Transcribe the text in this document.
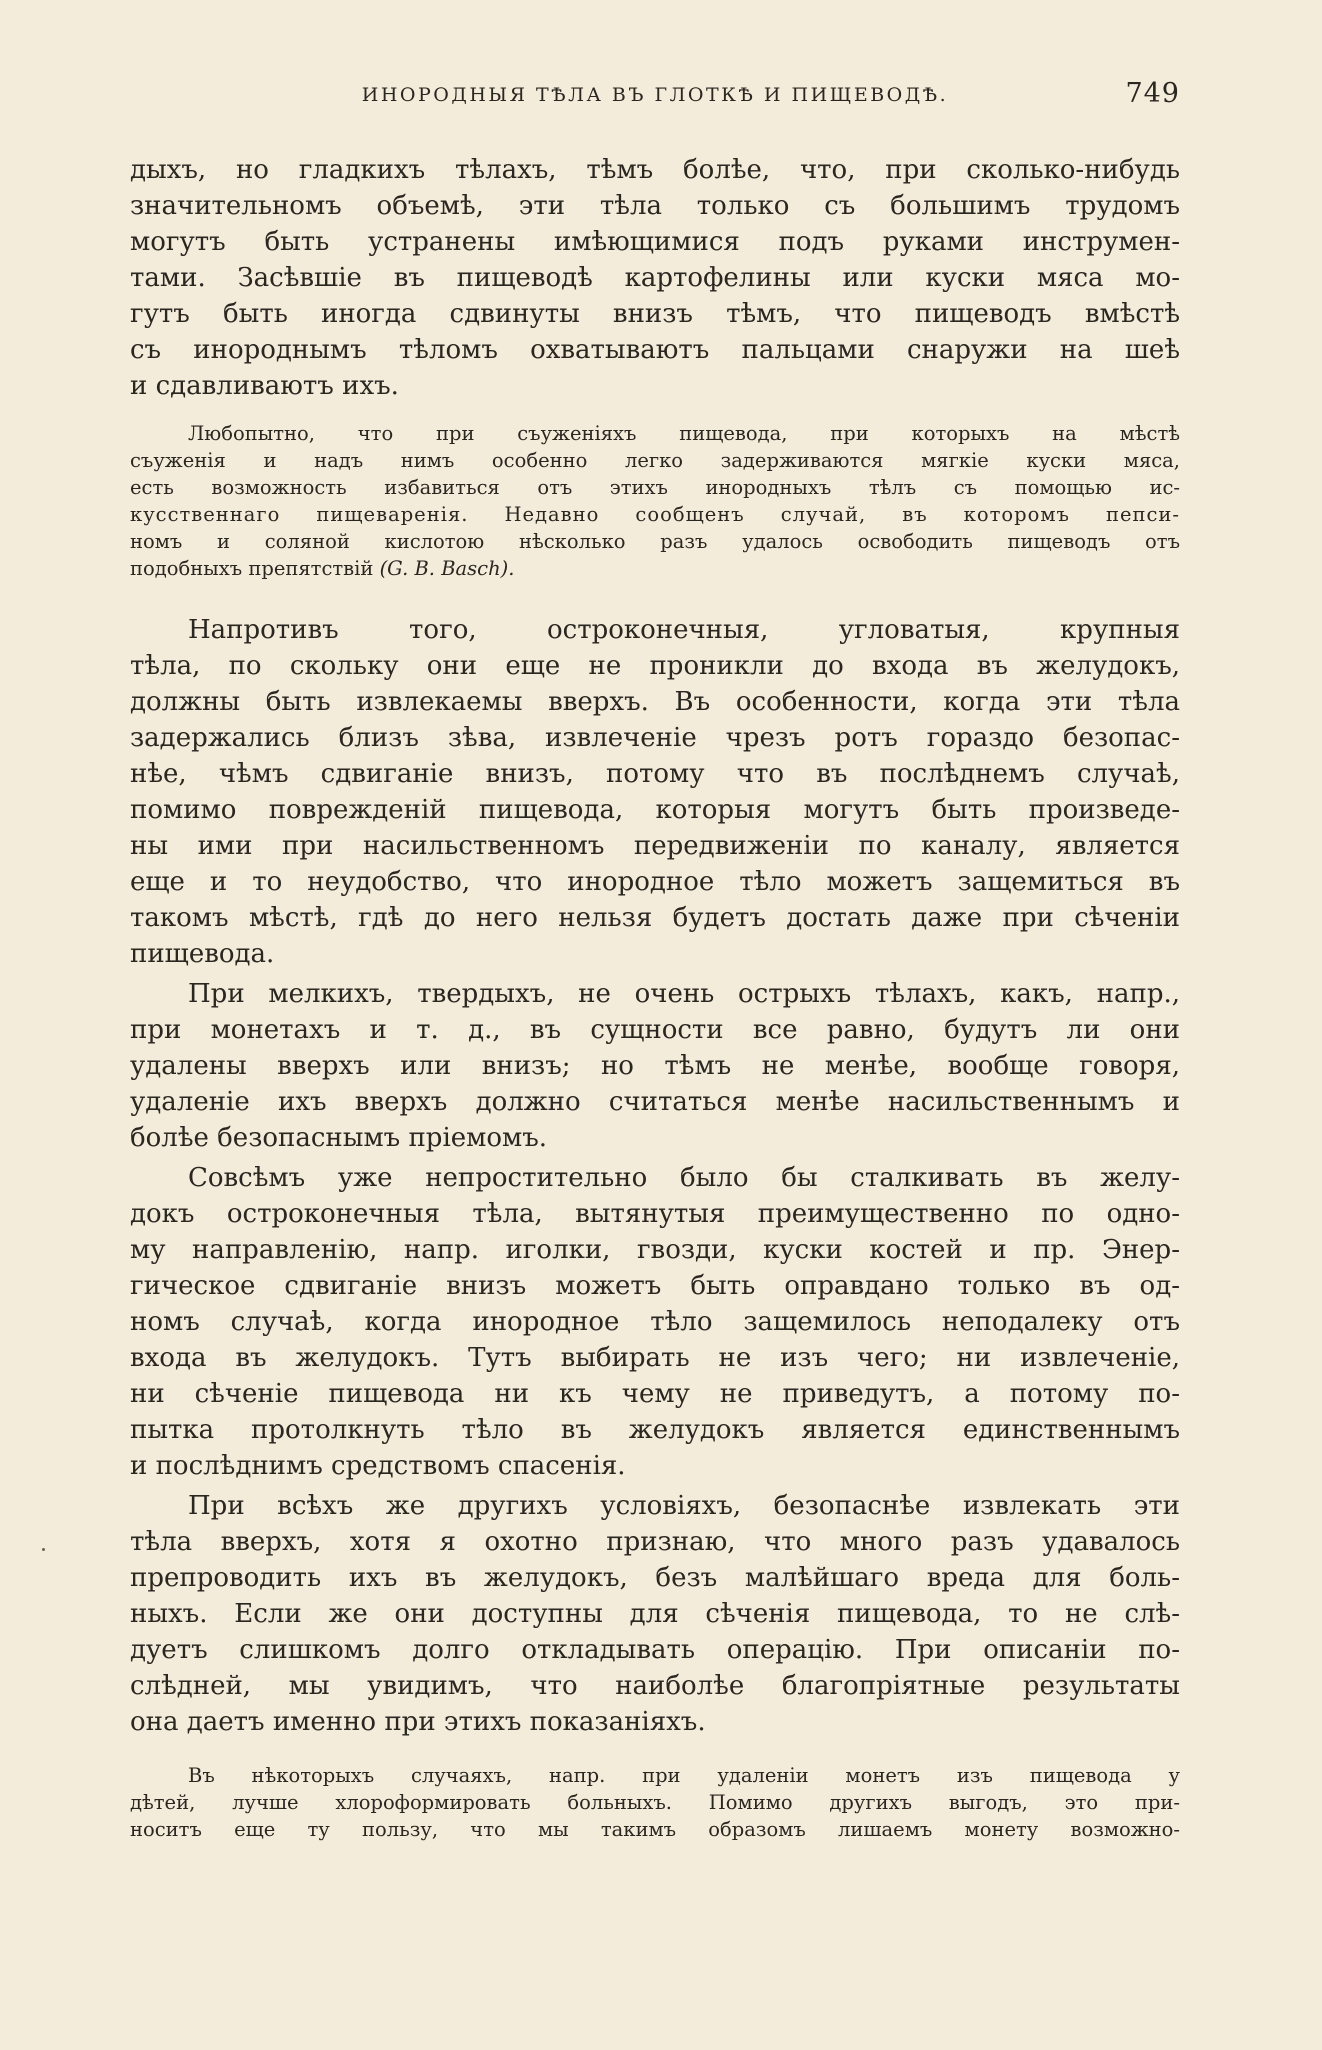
ИНОРОДНЫЯ ТѢЛА ВЪ ГЛОТКѢ И ПИЩЕВОДѢ.	749
дыхъ, но гладкихъ тѣлахъ, тѣмъ болѣе, что, при сколько-нибудь
значительномъ объемѣ, эти тѣла только съ большимъ трудомъ
могутъ быть устранены имѣющимися подъ руками инструмен-
тами. Засѣвшіе въ пищеводѣ картофелины или куски мяса мо-
гутъ быть иногда сдвинуты внизъ тѣмъ, что пищеводъ вмѣстѣ
съ инороднымъ тѣломъ охватываютъ пальцами снаружи на шеѣ
и сдавливаютъ ихъ.
Любопытно, что при съуженіяхъ пищевода, при которыхъ на мѣстѣ
съуженія и надъ нимъ особенно легко задерживаются мягкіе куски мяса,
есть возможность избавиться отъ этихъ инородныхъ тѣлъ съ помощью ис-
кусственнаго пищеваренія. Недавно сообщенъ случай, въ которомъ пепси-
номъ и соляной кислотою нѣсколько разъ удалось освободить пищеводъ отъ
подобныхъ препятствій (G. B. Basch).
Напротивъ того, остроконечныя, угловатыя, крупныя
тѣла, по скольку они еще не проникли до входа въ желудокъ,
должны быть извлекаемы вверхъ. Въ особенности, когда эти тѣла
задержались близъ зѣва, извлеченіе чрезъ ротъ гораздо безопас-
нѣе, чѣмъ сдвиганіе внизъ, потому что въ послѣднемъ случаѣ,
помимо поврежденій пищевода, которыя могутъ быть произведе-
ны ими при насильственномъ передвиженіи по каналу, является
еще и то неудобство, что инородное тѣло можетъ защемиться въ
такомъ мѣстѣ, гдѣ до него нельзя будетъ достать даже при сѣченіи
пищевода.
При мелкихъ, твердыхъ, не очень острыхъ тѣлахъ, какъ, напр.,
при монетахъ и т. д., въ сущности все равно, будутъ ли они
удалены вверхъ или внизъ; но тѣмъ не менѣе, вообще говоря,
удаленіе ихъ вверхъ должно считаться менѣе насильственнымъ и
болѣе безопаснымъ пріемомъ.
Совсѣмъ уже непростительно было бы сталкивать въ желу-
докъ остроконечныя тѣла, вытянутыя преимущественно по одно-
му направленію, напр. иголки, гвозди, куски костей и пр. Энер-
гическое сдвиганіе внизъ можетъ быть оправдано только въ од-
номъ случаѣ, когда инородное тѣло защемилось неподалеку отъ
входа въ желудокъ. Тутъ выбирать не изъ чего; ни извлеченіе,
ни сѣченіе пищевода ни къ чему не приведутъ, а потому по-
пытка протолкнуть тѣло въ желудокъ является единственнымъ
и послѣднимъ средствомъ спасенія.
При всѣхъ же другихъ условіяхъ, безопаснѣе извлекать эти
тѣла вверхъ, хотя я охотно признаю, что много разъ удавалось
препроводить ихъ въ желудокъ, безъ малѣйшаго вреда для боль-
ныхъ. Если же они доступны для сѣченія пищевода, то не слѣ-
дуетъ слишкомъ долго откладывать операцію. При описаніи по-
слѣдней, мы увидимъ, что наиболѣе благопріятные результаты
она даетъ именно при этихъ показаніяхъ.
Въ нѣкоторыхъ случаяхъ, напр. при удаленіи монетъ изъ пищевода у
дѣтей, лучше хлороформировать больныхъ. Помимо другихъ выгодъ, это при-
носитъ еще ту пользу, что мы такимъ образомъ лишаемъ монету возможно-
